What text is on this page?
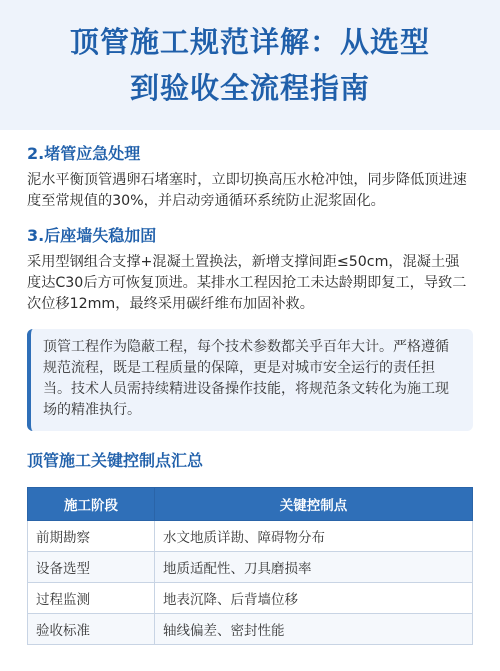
顶管施工规范详解：从选型
到验收全流程指南
2.堵管应急处理
泥水平衡顶管遇卵石堵塞时，立即切换高压水枪冲蚀，同步降低顶进速度至常规值的30%，并启动旁通循环系统防止泥浆固化。
3.后座墙失稳加固
采用型钢组合支撑+混凝土置换法，新增支撑间距≤50cm，混凝土强度达C30后方可恢复顶进。某排水工程因抢工未达龄期即复工，导致二次位移12mm，最终采用碳纤维布加固补救。
顶管工程作为隐蔽工程，每个技术参数都关乎百年大计。严格遵循规范流程，既是工程质量的保障，更是对城市安全运行的责任担当。技术人员需持续精进设备操作技能，将规范条文转化为施工现场的精准执行。
顶管施工关键控制点汇总
施工阶段	关键控制点
前期勘察	水文地质详勘、障碍物分布
设备选型	地质适配性、刀具磨损率
过程监测	地表沉降、后背墙位移
验收标准	轴线偏差、密封性能
